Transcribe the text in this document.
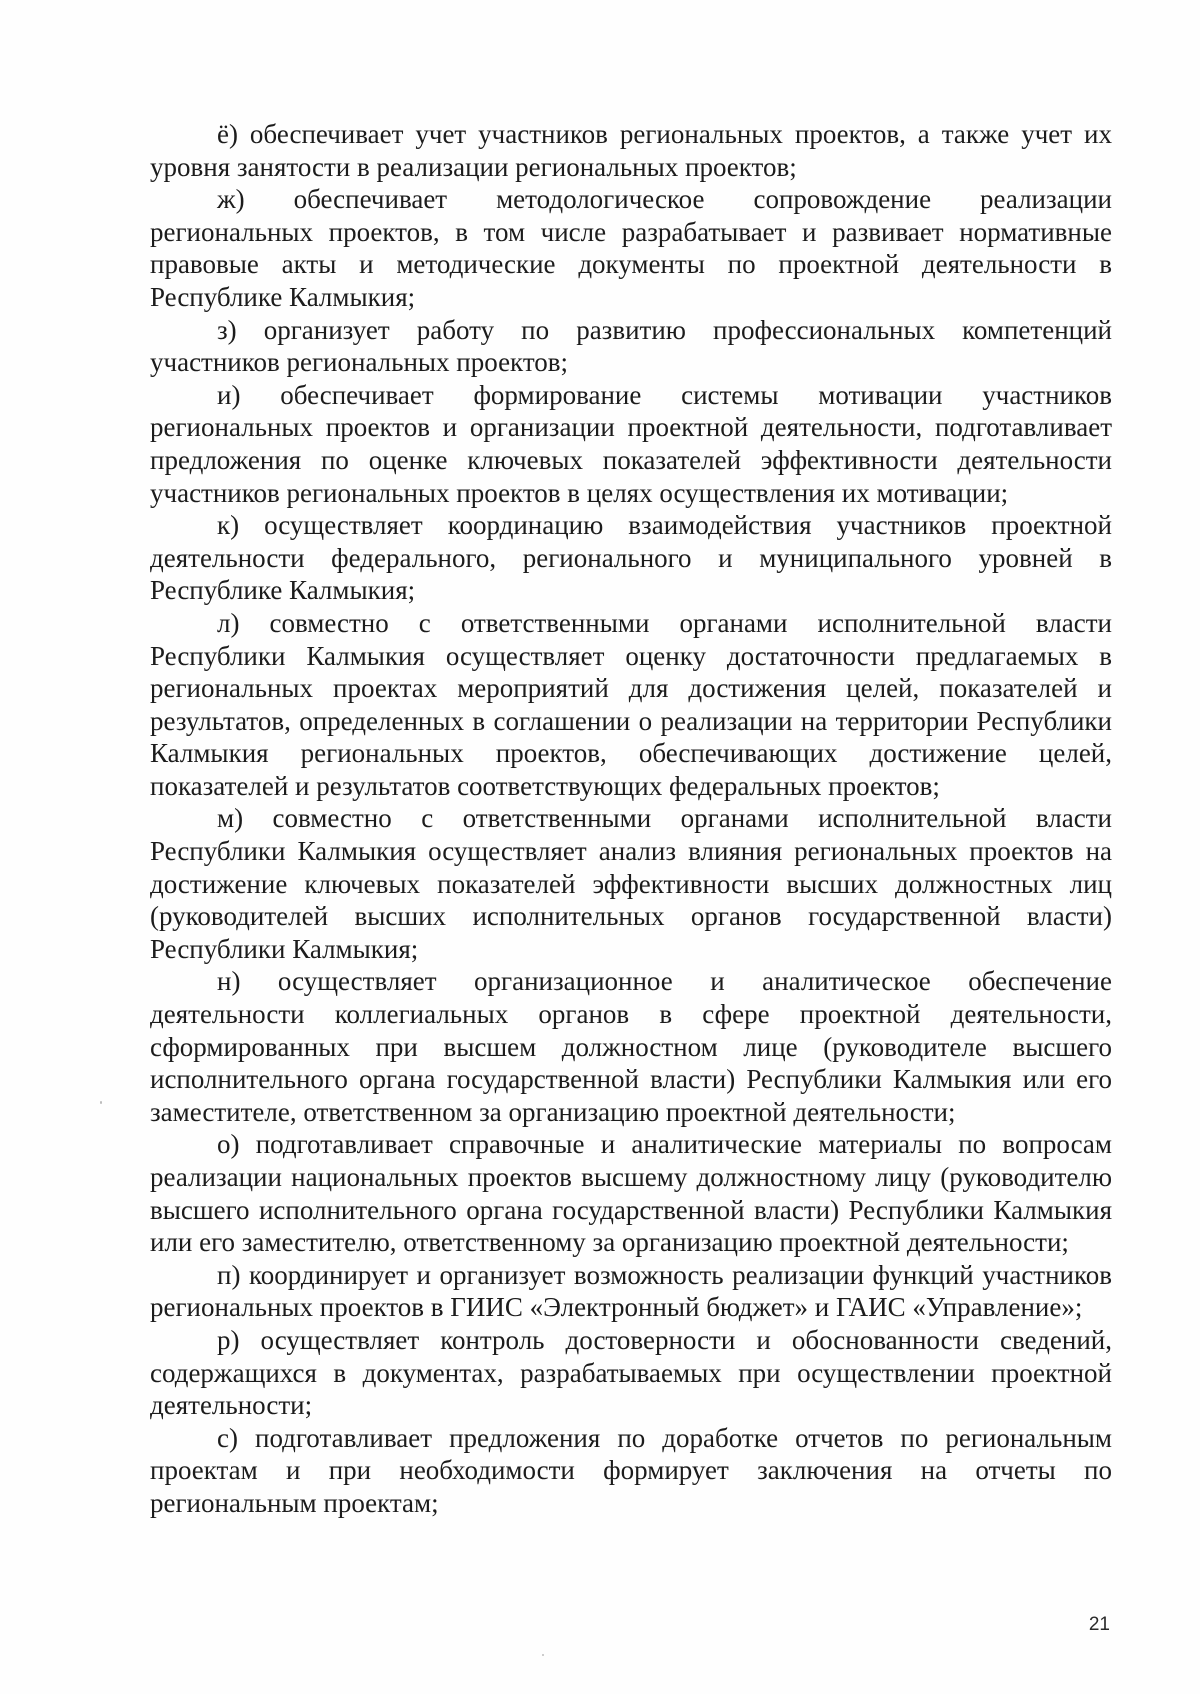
ё) обеспечивает учет участников региональных проектов, а также учет их уровня занятости в реализации региональных проектов;

ж) обеспечивает методологическое сопровождение реализации региональных проектов, в том числе разрабатывает и развивает нормативные правовые акты и методические документы по проектной деятельности в Республике Калмыкия;

з) организует работу по развитию профессиональных компетенций участников региональных проектов;

и) обеспечивает формирование системы мотивации участников региональных проектов и организации проектной деятельности, подготавливает предложения по оценке ключевых показателей эффективности деятельности участников региональных проектов в целях осуществления их мотивации;

к) осуществляет координацию взаимодействия участников проектной деятельности федерального, регионального и муниципального уровней в Республике Калмыкия;

л) совместно с ответственными органами исполнительной власти Республики Калмыкия осуществляет оценку достаточности предлагаемых в региональных проектах мероприятий для достижения целей, показателей и результатов, определенных в соглашении о реализации на территории Республики Калмыкия региональных проектов, обеспечивающих достижение целей, показателей и результатов соответствующих федеральных проектов;

м) совместно с ответственными органами исполнительной власти Республики Калмыкия осуществляет анализ влияния региональных проектов на достижение ключевых показателей эффективности высших должностных лиц (руководителей высших исполнительных органов государственной власти) Республики Калмыкия;

н) осуществляет организационное и аналитическое обеспечение деятельности коллегиальных органов в сфере проектной деятельности, сформированных при высшем должностном лице (руководителе высшего исполнительного органа государственной власти) Республики Калмыкия или его заместителе, ответственном за организацию проектной деятельности;

о) подготавливает справочные и аналитические материалы по вопросам реализации национальных проектов высшему должностному лицу (руководителю высшего исполнительного органа государственной власти) Республики Калмыкия или его заместителю, ответственному за организацию проектной деятельности;

п) координирует и организует возможность реализации функций участников региональных проектов в ГИИС «Электронный бюджет» и ГАИС «Управление»;

р) осуществляет контроль достоверности и обоснованности сведений, содержащихся в документах, разрабатываемых при осуществлении проектной деятельности;

с) подготавливает предложения по доработке отчетов по региональным проектам и при необходимости формирует заключения на отчеты по региональным проектам;

21
